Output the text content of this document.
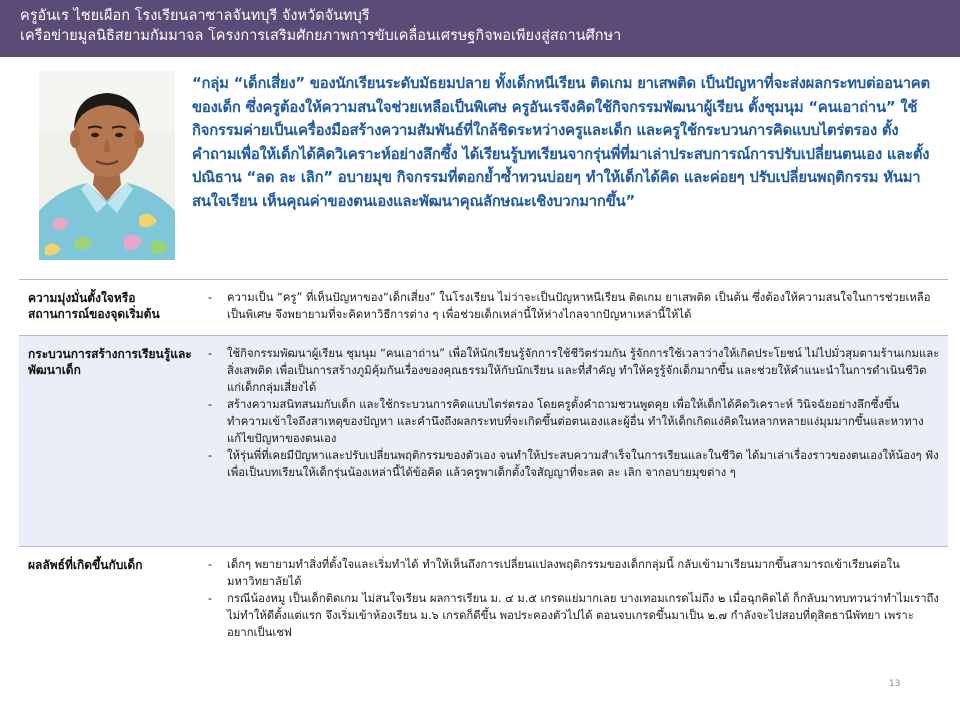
ครูอันเร ไชยเผือก โรงเรียนลาซาลจันทบุรี จังหวัดจันทบุรี
เครือข่ายมูลนิธิสยามกัมมาจล โครงการเสริมศักยภาพการขับเคลื่อนเศรษฐกิจพอเพียงสู่สถานศึกษา
“กลุ่ม “เด็กเสี่ยง” ของนักเรียนระดับมัธยมปลาย ทั้งเด็กหนีเรียน ติดเกม ยาเสพติด เป็นปัญหาที่จะส่งผลกระทบต่ออนาคตของเด็ก ซึ่งครูต้องให้ความสนใจช่วยเหลือเป็นพิเศษ ครูอันเรจึงคิดใช้กิจกรรมพัฒนาผู้เรียน ตั้งชุมนุม “คนเอาถ่าน” ใช้กิจกรรมค่ายเป็นเครื่องมือสร้างความสัมพันธ์ที่ใกล้ชิดระหว่างครูและเด็ก และครูใช้กระบวนการคิดแบบไตร่ตรอง ตั้งคำถามเพื่อให้เด็กได้คิดวิเคราะห์อย่างลึกซึ้ง ได้เรียนรู้บทเรียนจากรุ่นพี่ที่มาเล่าประสบการณ์การปรับเปลี่ยนตนเอง และตั้งปณิธาน “ลด ละ เลิก” อบายมุข กิจกรรมที่ตอกย้ำซ้ำทวนบ่อยๆ ทำให้เด็กได้คิด และค่อยๆ ปรับเปลี่ยนพฤติกรรม หันมาสนใจเรียน เห็นคุณค่าของตนเองและพัฒนาคุณลักษณะเชิงบวกมากขึ้น”
ความมุ่งมั่นตั้งใจหรือสถานการณ์ของจุดเริ่มต้น
- ความเป็น “ครู” ที่เห็นปัญหาของ“เด็กเสี่ยง” ในโรงเรียน ไม่ว่าจะเป็นปัญหาหนีเรียน ติดเกม ยาเสพติด เป็นต้น ซึ่งต้องให้ความสนใจในการช่วยเหลือเป็นพิเศษ จึงพยายามที่จะคิดหาวิธีการต่าง ๆ เพื่อช่วยเด็กเหล่านี้ให้ห่างไกลจากปัญหาเหล่านี้ให้ได้
กระบวนการสร้างการเรียนรู้และพัฒนาเด็ก
- ใช้กิจกรรมพัฒนาผู้เรียน ชุมนุม “คนเอาถ่าน” เพื่อให้นักเรียนรู้จักการใช้ชีวิตร่วมกัน รู้จักการใช้เวลาว่างให้เกิดประโยชน์ ไม่ไปมั่วสุมตามร้านเกมและสิ่งเสพติด เพื่อเป็นการสร้างภูมิคุ้มกันเรื่องของคุณธรรมให้กับนักเรียน และที่สำคัญ ทำให้ครูรู้จักเด็กมากขึ้น และช่วยให้คำแนะนำในการดำเนินชีวิตแก่เด็กกลุ่มเสี่ยงได้
- สร้างความสนิทสนมกับเด็ก และใช้กระบวนการคิดแบบไตร่ตรอง โดยครูตั้งคำถามชวนพูดคุย เพื่อให้เด็กได้คิดวิเคราะห์ วินิจฉัยอย่างลึกซึ้งขึ้น ทำความเข้าใจถึงสาเหตุของปัญหา และคำนึงถึงผลกระทบที่จะเกิดขึ้นต่อตนเองและผู้อื่น ทำให้เด็กเกิดแง่คิดในหลากหลายแง่มุมมากขึ้นและหาทางแก้ไขปัญหาของตนเอง
- ให้รุ่นพี่ที่เคยมีปัญหาและปรับเปลี่ยนพฤติกรรมของตัวเอง จนทำให้ประสบความสำเร็จในการเรียนและในชีวิต ได้มาเล่าเรื่องราวของตนเองให้น้องๆ ฟัง เพื่อเป็นบทเรียนให้เด็กรุ่นน้องเหล่านี้ได้ข้อคิด แล้วครูพาเด็กตั้งใจสัญญาที่จะลด ละ เลิก จากอบายมุขต่าง ๆ
ผลลัพธ์ที่เกิดขึ้นกับเด็ก	- เด็กๆ พยายามทำสิ่งที่ตั้งใจและเริ่มทำได้ ทำให้เห็นถึงการเปลี่ยนแปลงพฤติกรรมของเด็กกลุ่มนี้ กลับเข้ามาเรียนมากขึ้นสามารถเข้าเรียนต่อในมหาวิทยาลัยได้
- กรณีน้องหมู เป็นเด็กติดเกม ไม่สนใจเรียน ผลการเรียน ม. ๔ ม.๕ เกรดแย่มากเลย บางเทอมเกรดไม่ถึง ๒ เมื่อฉุกคิดได้ ก็กลับมาทบทวนว่าทำไมเราถึงไม่ทำให้ดีตั้งแต่แรก จึงเริ่มเข้าห้องเรียน ม.๖ เกรดก็ดีขึ้น พอประคองตัวไปได้ ตอนจบเกรดขึ้นมาเป็น ๒.๗ กำลังจะไปสอบที่ดุสิตธานีพัทยา เพราะอยากเป็นเชฟ
13
